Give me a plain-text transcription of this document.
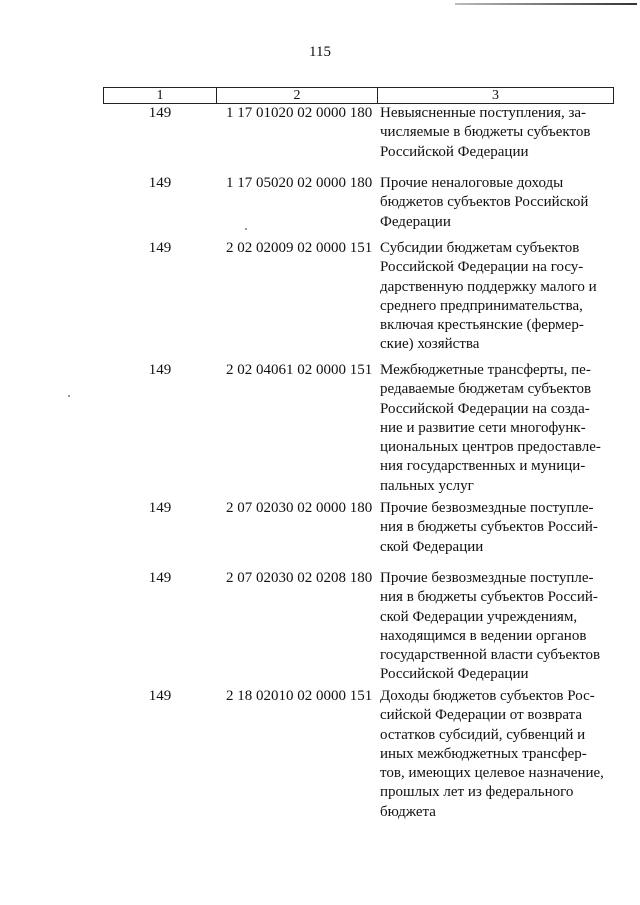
115
1	2	3
149	1 17 01020 02 0000 180 Невыясненные поступления, за-
числяемые в бюджеты субъектов
Российской Федерации
149	1 17 05020 02 0000 180 Прочие неналоговые доходы
бюджетов субъектов Российской
Федерации
149	2 02 02009 02 0000 151 Субсидии бюджетам субъектов
Российской Федерации на госу-
дарственную поддержку малого и
среднего предпринимательства,
включая крестьянские (фермер-
ские) хозяйства
149	2 02 04061 02 0000 151 Межбюджетные трансферты, пе-
редаваемые бюджетам субъектов
Российской Федерации на созда-
ние и развитие сети многофунк-
циональных центров предоставле-
ния государственных и муници-
пальных услуг
149	2 07 02030 02 0000 180 Прочие безвозмездные поступле-
ния в бюджеты субъектов Россий-
ской Федерации
149	2 07 02030 02 0208 180 Прочие безвозмездные поступле-
ния в бюджеты субъектов Россий-
ской Федерации учреждениям,
находящимся в ведении органов
государственной власти субъектов
Российской Федерации
149	2 18 02010 02 0000 151 Доходы бюджетов субъектов Рос-
сийской Федерации от возврата
остатков субсидий, субвенций и
иных межбюджетных трансфер-
тов, имеющих целевое назначение,
прошлых лет из федерального
бюджета
